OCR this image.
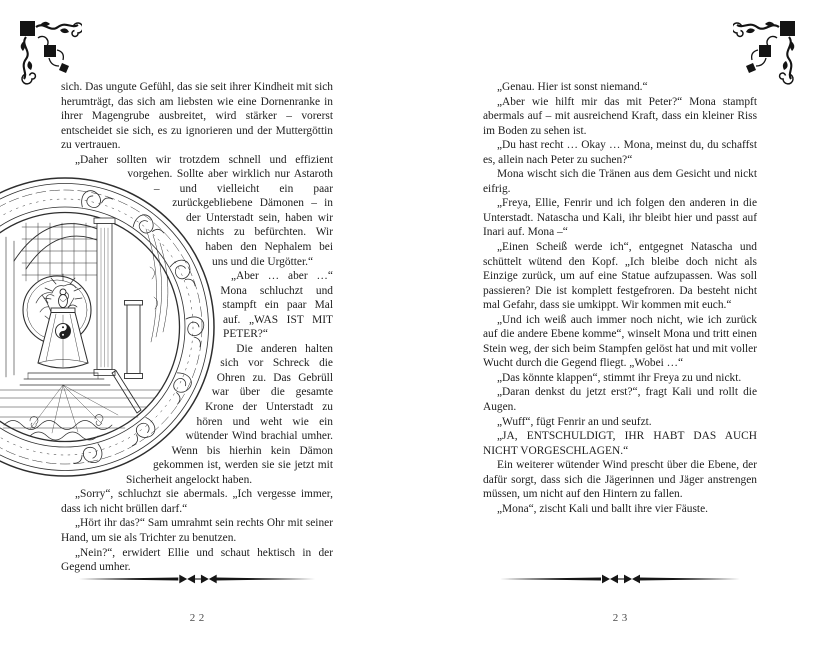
sich. Das ungute Gefühl, das sie seit ihrer Kindheit mit sich herumträgt, das sich am liebsten wie eine Dornenranke in ihrer Magengrube ausbreitet, wird stärker – vorerst entscheidet sie sich, es zu ignorieren und der Muttergöttin zu vertrauen.

„Daher sollten wir trotzdem schnell und effizient vorgehen. Sollte aber wirklich nur Astaroth – und vielleicht ein paar zurückgebliebene Dämonen – in der Unterstadt sein, haben wir nichts zu befürchten. Wir haben den Nephalem bei uns und die Urgötter.“

„Aber … aber …“ Mona schluchzt und stampft ein paar Mal auf. „WAS IST MIT PETER?“

Die anderen halten sich vor Schreck die Ohren zu. Das Gebrüll war über die gesamte Krone der Unterstadt zu hören und weht wie ein wütender Wind brachial umher. Wenn bis hierhin kein Dämon gekommen ist, werden sie sie jetzt mit Sicherheit angelockt haben.

„Sorry“, schluchzt sie abermals. „Ich vergesse immer, dass ich nicht brüllen darf.“

„Hört ihr das?“ Sam umrahmt sein rechts Ohr mit seiner Hand, um sie als Trichter zu benutzen.

„Nein?“, erwidert Ellie und schaut hektisch in der Gegend umher.

„Genau. Hier ist sonst niemand.“

„Aber wie hilft mir das mit Peter?“ Mona stampft abermals auf – mit ausreichend Kraft, dass ein kleiner Riss im Boden zu sehen ist.

„Du hast recht … Okay … Mona, meinst du, du schaffst es, allein nach Peter zu suchen?“

Mona wischt sich die Tränen aus dem Gesicht und nickt eifrig.

„Freya, Ellie, Fenrir und ich folgen den anderen in die Unterstadt. Natascha und Kali, ihr bleibt hier und passt auf Inari auf. Mona –“

„Einen Scheiß werde ich“, entgegnet Natascha und schüttelt wütend den Kopf. „Ich bleibe doch nicht als Einzige zurück, um auf eine Statue aufzupassen. Was soll passieren? Die ist komplett festgefroren. Da besteht nicht mal Gefahr, dass sie umkippt. Wir kommen mit euch.“

„Und ich weiß auch immer noch nicht, wie ich zurück auf die andere Ebene komme“, winselt Mona und tritt einen Stein weg, der sich beim Stampfen gelöst hat und mit voller Wucht durch die Gegend fliegt. „Wobei …“

„Das könnte klappen“, stimmt ihr Freya zu und nickt.

„Daran denkst du jetzt erst?“, fragt Kali und rollt die Augen.

„Wuff“, fügt Fenrir an und seufzt.

„JA, ENTSCHULDIGT, IHR HABT DAS AUCH NICHT VORGESCHLAGEN.“

Ein weiterer wütender Wind prescht über die Ebene, der dafür sorgt, dass sich die Jägerinnen und Jäger anstrengen müssen, um nicht auf den Hintern zu fallen.

„Mona“, zischt Kali und ballt ihre vier Fäuste.

22	23
